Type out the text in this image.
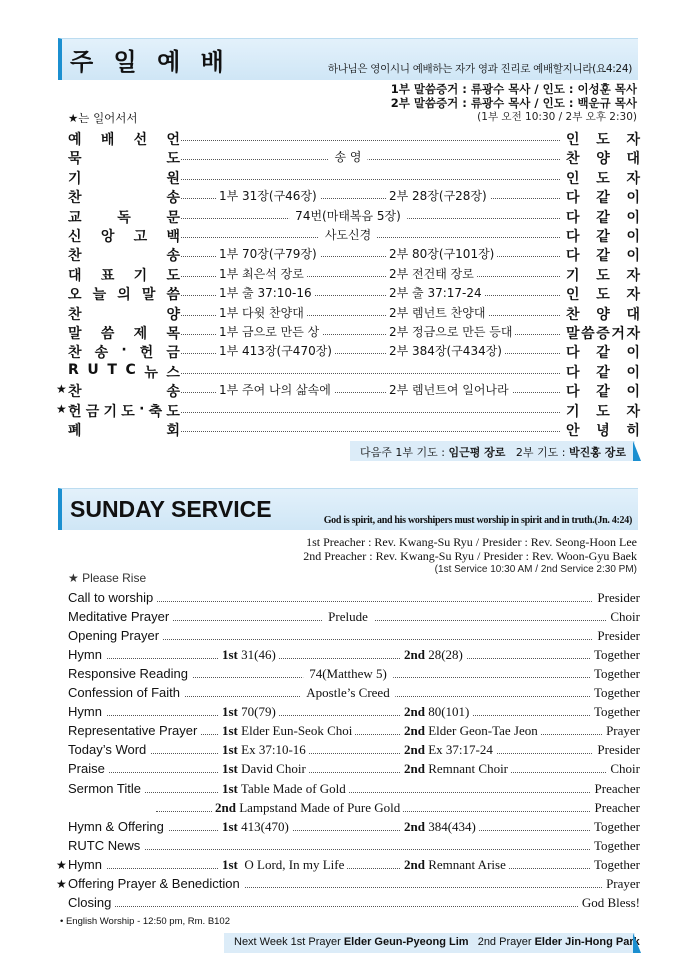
주 일 예 배	하나님은 영이시니 예배하는 자가 영과 진리로 예배할지니라(요4:24)
1부 말씀증거 : 류광수 목사 / 인도 : 이성훈 목사
2부 말씀증거 : 류광수 목사 / 인도 : 백운규 목사
(1부 오전 10:30 / 2부 오후 2:30)
★는 일어서서
예 배 선 언	인 도 자
묵	도	송 영	찬 양 대
기	원	인 도 자
찬	송	1부 31장(구46장)	2부 28장(구28장)	다 같 이
교	독	문	74번(마태복음 5장)	다 같 이
신 앙 고 백	사도신경	다 같 이
찬	송	1부 70장(구79장)	2부 80장(구101장)	다 같 이
대 표 기 도	1부 최은석 장로	2부 전건태 장로	기 도 자
오 늘 의 말 씀	1부 출 37:10-16	2부 출 37:17-24	인 도 자
찬	양	1부 다윗 찬양대	2부 렘넌트 찬양대	찬 양 대
말 씀 제 목	1부 금으로 만든 상	2부 정금으로 만든 등대	말 씀 증 거 자
찬 송 · 헌 금	1부 413장(구470장)	2부 384장(구434장)	다 같 이
R U T C 뉴 스	다 같 이
★ 찬	송	1부 주여 나의 삶속에	2부 렘넌트여 일어나라	다 같 이
★ 헌 금 기 도 · 축 도	기 도 자
폐	회	안 녕 히
다음주 1부 기도 : 임근평 장로 2부 기도 : 박진홍 장로
SUNDAY SERVICE	God is spirit, and his worshipers must worship in spirit and in truth.(Jn. 4:24)
1st Preacher : Rev. Kwang-Su Ryu / Presider : Rev. Seong-Hoon Lee
2nd Preacher : Rev. Kwang-Su Ryu / Presider : Rev. Woon-Gyu Baek
(1st Service 10:30 AM / 2nd Service 2:30 PM)
★ Please Rise
Call to worship	Presider
Meditative Prayer	Prelude	Choir
Opening Prayer	Presider
Hymn	1st 31(46)	2nd 28(28)	Together
Responsive Reading	74(Matthew 5)	Together
Confession of Faith	Apostle’s Creed	Together
Hymn	1st 70(79)	2nd 80(101)	Together
Representative Prayer	1st Elder Eun-Seok Choi	2nd Elder Geon-Tae Jeon	Prayer
Today’s Word	1st Ex 37:10-16	2nd Ex 37:17-24	Presider
Praise	1st David Choir	2nd Remnant Choir	Choir
Sermon Title	1st Table Made of Gold	Preacher
2nd Lampstand Made of Pure Gold	Preacher
Hymn & Offering	1st 413(470)	2nd 384(434)	Together
RUTC News	Together
★ Hymn	1st  O Lord, In my Life	2nd Remnant Arise	Together
★ Offering Prayer & Benediction	Prayer
Closing	God Bless!
• English Worship - 12:50 pm, Rm. B102
Next Week 1st Prayer Elder Geun-Pyeong Lim   2nd Prayer Elder Jin-Hong Park
